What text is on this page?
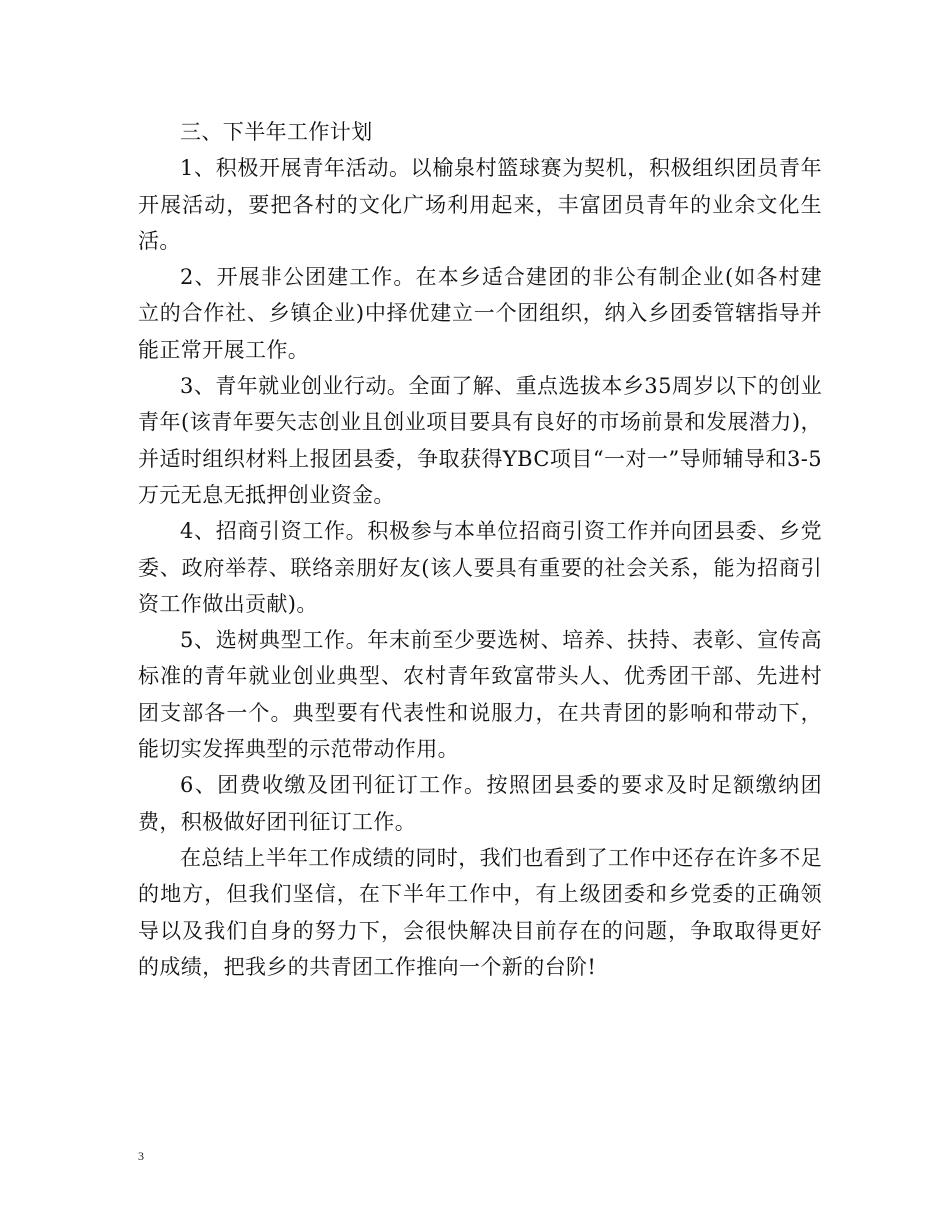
三、下半年工作计划

1、积极开展青年活动。以榆泉村篮球赛为契机，积极组织团员青年开展活动，要把各村的文化广场利用起来，丰富团员青年的业余文化生活。

2、开展非公团建工作。在本乡适合建团的非公有制企业(如各村建立的合作社、乡镇企业)中择优建立一个团组织，纳入乡团委管辖指导并能正常开展工作。

3、青年就业创业行动。全面了解、重点选拔本乡35周岁以下的创业青年(该青年要矢志创业且创业项目要具有良好的市场前景和发展潜力)，并适时组织材料上报团县委，争取获得YBC项目“一对一”导师辅导和3-5万元无息无抵押创业资金。

4、招商引资工作。积极参与本单位招商引资工作并向团县委、乡党委、政府举荐、联络亲朋好友(该人要具有重要的社会关系，能为招商引资工作做出贡献)。

5、选树典型工作。年末前至少要选树、培养、扶持、表彰、宣传高标准的青年就业创业典型、农村青年致富带头人、优秀团干部、先进村团支部各一个。典型要有代表性和说服力，在共青团的影响和带动下，能切实发挥典型的示范带动作用。

6、团费收缴及团刊征订工作。按照团县委的要求及时足额缴纳团费，积极做好团刊征订工作。

在总结上半年工作成绩的同时，我们也看到了工作中还存在许多不足的地方，但我们坚信，在下半年工作中，有上级团委和乡党委的正确领导以及我们自身的努力下，会很快解决目前存在的问题，争取取得更好的成绩，把我乡的共青团工作推向一个新的台阶!

3
